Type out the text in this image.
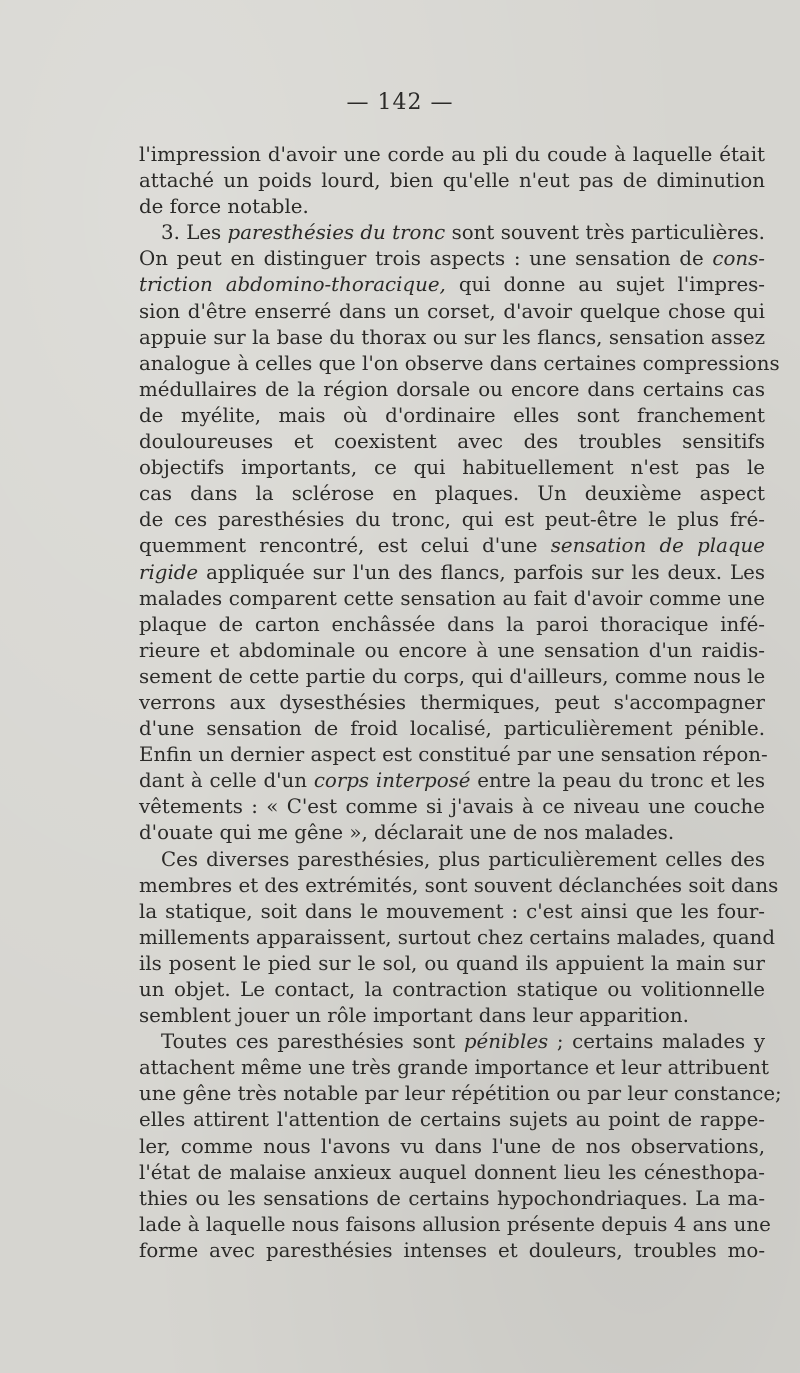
— 142 —
l'impression d'avoir une corde au pli du coude à laquelle était
attaché un poids lourd, bien qu'elle n'eut pas de diminution
de force notable.
3. Les paresthésies du tronc sont souvent très particulières.
On peut en distinguer trois aspects : une sensation de cons-
triction abdomino-thoracique, qui donne au sujet l'impres-
sion d'être enserré dans un corset, d'avoir quelque chose qui
appuie sur la base du thorax ou sur les flancs, sensation assez
analogue à celles que l'on observe dans certaines compressions
médullaires de la région dorsale ou encore dans certains cas
de myélite, mais où d'ordinaire elles sont franchement
douloureuses et coexistent avec des troubles sensitifs
objectifs importants, ce qui habituellement n'est pas le
cas dans la sclérose en plaques. Un deuxième aspect
de ces paresthésies du tronc, qui est peut-être le plus fré-
quemment rencontré, est celui d'une sensation de plaque
rigide appliquée sur l'un des flancs, parfois sur les deux. Les
malades comparent cette sensation au fait d'avoir comme une
plaque de carton enchâssée dans la paroi thoracique infé-
rieure et abdominale ou encore à une sensation d'un raidis-
sement de cette partie du corps, qui d'ailleurs, comme nous le
verrons aux dysesthésies thermiques, peut s'accompagner
d'une sensation de froid localisé, particulièrement pénible.
Enfin un dernier aspect est constitué par une sensation répon-
dant à celle d'un corps interposé entre la peau du tronc et les
vêtements : « C'est comme si j'avais à ce niveau une couche
d'ouate qui me gêne », déclarait une de nos malades.
Ces diverses paresthésies, plus particulièrement celles des
membres et des extrémités, sont souvent déclanchées soit dans
la statique, soit dans le mouvement : c'est ainsi que les four-
millements apparaissent, surtout chez certains malades, quand
ils posent le pied sur le sol, ou quand ils appuient la main sur
un objet. Le contact, la contraction statique ou volitionnelle
semblent jouer un rôle important dans leur apparition.
Toutes ces paresthésies sont pénibles ; certains malades y
attachent même une très grande importance et leur attribuent
une gêne très notable par leur répétition ou par leur constance;
elles attirent l'attention de certains sujets au point de rappe-
ler, comme nous l'avons vu dans l'une de nos observations,
l'état de malaise anxieux auquel donnent lieu les cénesthopa-
thies ou les sensations de certains hypochondriaques. La ma-
lade à laquelle nous faisons allusion présente depuis 4 ans une
forme avec paresthésies intenses et douleurs, troubles mo-
